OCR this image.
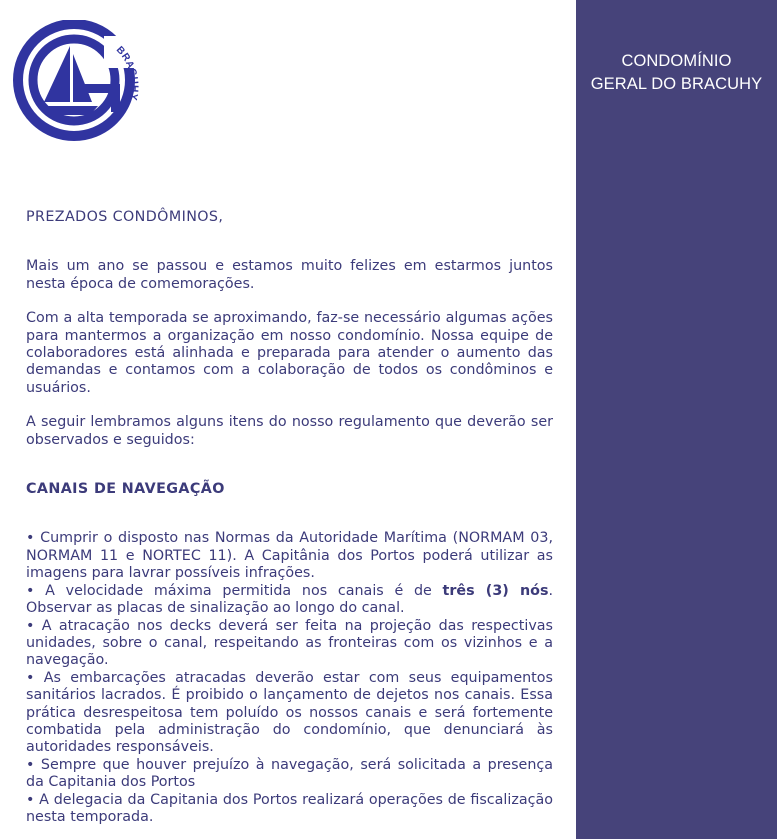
BRACUHY
CONDOMÍNIO
GERAL DO BRACUHY

PREZADOS CONDÔMINOS,

Mais um ano se passou e estamos muito felizes em estarmos juntos nesta época de comemorações.

Com a alta temporada se aproximando, faz-se necessário algumas ações para mantermos a organização em nosso condomínio. Nossa equipe de colaboradores está alinhada e preparada para atender o aumento das demandas e contamos com a colaboração de todos os condôminos e usuários.

A seguir lembramos alguns itens do nosso regulamento que deverão ser observados e seguidos:

CANAIS DE NAVEGAÇÃO

• Cumprir o disposto nas Normas da Autoridade Marítima (NORMAM 03, NORMAM 11 e NORTEC 11). A Capitânia dos Portos poderá utilizar as imagens para lavrar possíveis infrações.

• A velocidade máxima permitida nos canais é de três (3) nós. Observar as placas de sinalização ao longo do canal.

• A atracação nos decks deverá ser feita na projeção das respectivas unidades, sobre o canal, respeitando as fronteiras com os vizinhos e a navegação.

• As embarcações atracadas deverão estar com seus equipamentos sanitários lacrados. É proibido o lançamento de dejetos nos canais. Essa prática desrespeitosa tem poluído os nossos canais e será fortemente combatida pela administração do condomínio, que denunciará às autoridades responsáveis.

• Sempre que houver prejuízo à navegação, será solicitada a presença da Capitania dos Portos

• A delegacia da Capitania dos Portos realizará operações de fiscalização nesta temporada.
